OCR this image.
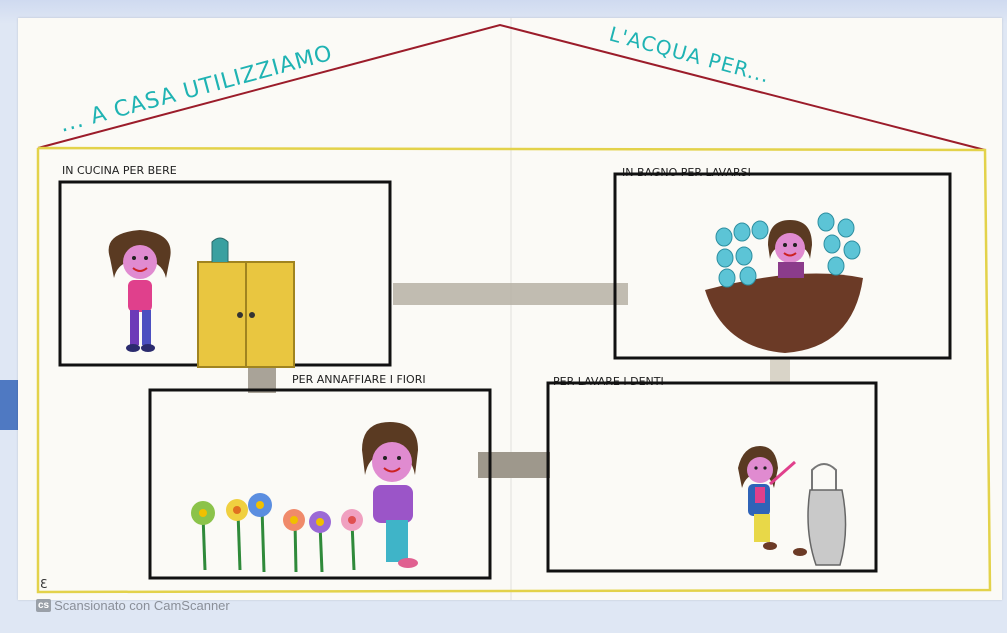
... A CASA UTILIZZIAMO	L'ACQUA PER...
IN CUCINA PER BERE	IN BAGNO PER LAVARSI
PER ANNAFFIARE I FIORI	PER LAVARE I DENTI
Ɛ
cs Scansionato con CamScanner
